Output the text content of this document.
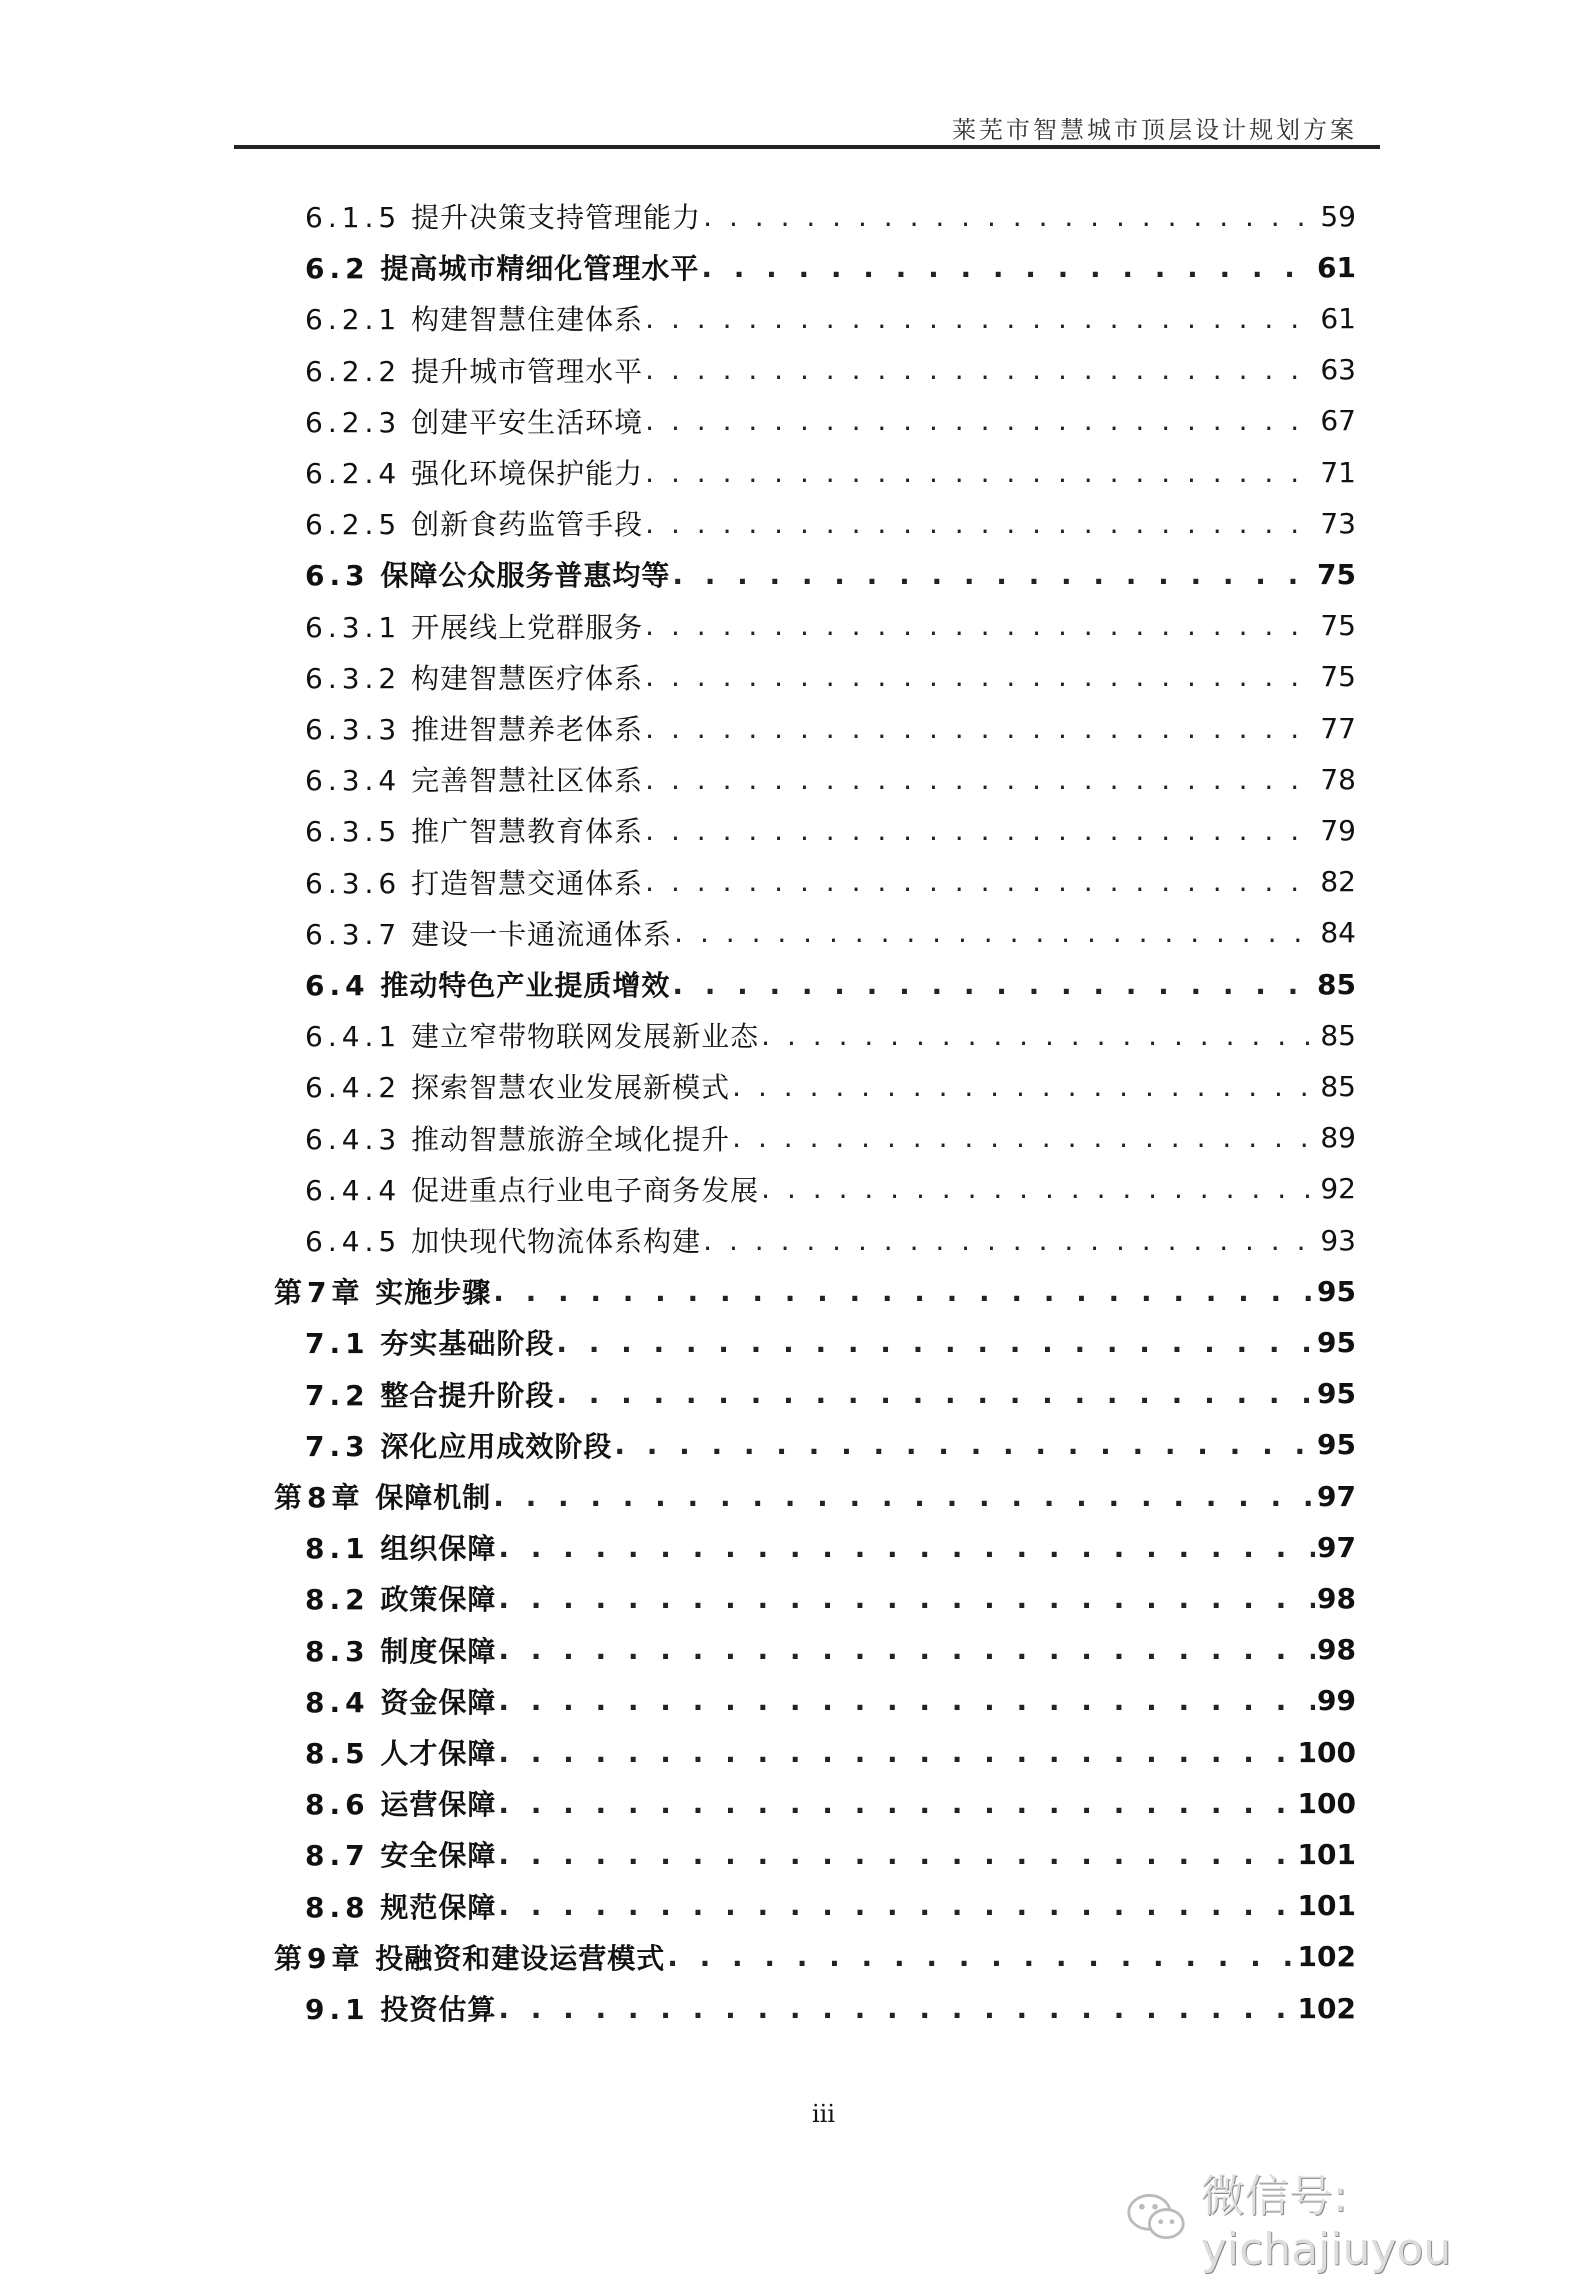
莱芜市智慧城市顶层设计规划方案
6.1.5 提升决策支持管理能力 . . .	59
6.2 提高城市精细化管理水平 . . .	61
6.2.1 构建智慧住建体系 . . .	61
6.2.2 提升城市管理水平 . . .	63
6.2.3 创建平安生活环境 . . .	67
6.2.4 强化环境保护能力 . . .	71
6.2.5 创新食药监管手段 . . .	73
6.3 保障公众服务普惠均等 . . .	75
6.3.1 开展线上党群服务 . . .	75
6.3.2 构建智慧医疗体系 . . .	75
6.3.3 推进智慧养老体系 . . .	77
6.3.4 完善智慧社区体系 . . .	78
6.3.5 推广智慧教育体系 . . .	79
6.3.6 打造智慧交通体系 . . .	82
6.3.7 建设一卡通流通体系 . . .	84
6.4 推动特色产业提质增效 . . .	85
6.4.1 建立窄带物联网发展新业态 . . .	85
6.4.2 探索智慧农业发展新模式 . . .	85
6.4.3 推动智慧旅游全域化提升 . . .	89
6.4.4 促进重点行业电子商务发展 . . .	92
6.4.5 加快现代物流体系构建 . . .	93
第7章 实施步骤 . . .	95
7.1 夯实基础阶段 . . .	95
7.2 整合提升阶段 . . .	95
7.3 深化应用成效阶段 . . .	95
第8章 保障机制 . . .	97
8.1 组织保障 . . .	97
8.2 政策保障 . . .	98
8.3 制度保障 . . .	98
8.4 资金保障 . . .	99
8.5 人才保障 . . .	100
8.6 运营保障 . . .	100
8.7 安全保障 . . .	101
8.8 规范保障 . . .	101
第9章 投融资和建设运营模式 . . .	102
9.1 投资估算 . . .	102
iii
微信号: yichajiuyou
